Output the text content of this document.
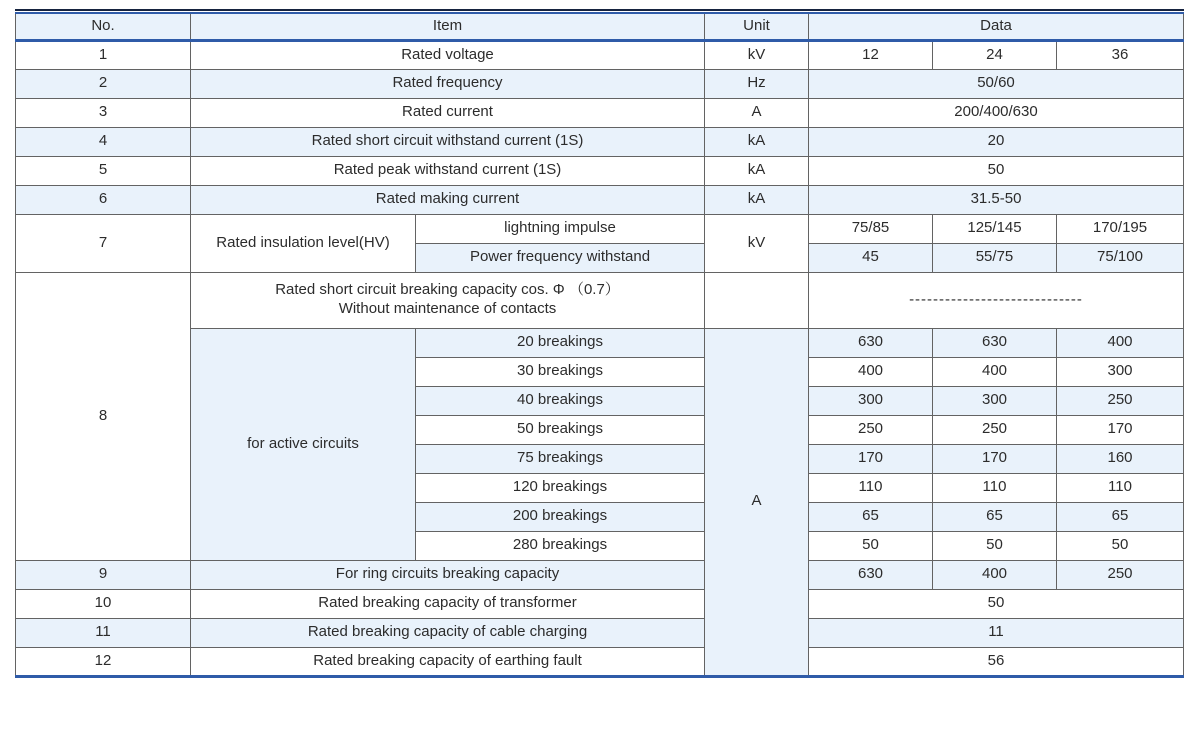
No.	Item		Unit	Data		
1	Rated voltage		kV	12	24	36
2	Rated frequency		Hz	50/60		
3	Rated current		A	200/400/630		
4	Rated short circuit withstand current (1S)		kA	20		
5	Rated peak withstand current (1S)		kA	50		
6	Rated making current		kA	31.5-50		
7	Rated insulation level(HV)	lightning impulse	kV	75/85	125/145	170/195
		Power frequency withstand		45	55/75	75/100
8	Rated short circuit breaking capacity cos. Φ （0.7）
Without maintenance of contacts			-----------------------------		
	for active circuits	20 breakings	A	630	630	400
		30 breakings		400	400	300
		40 breakings		300	300	250
		50 breakings		250	250	170
		75 breakings		170	170	160
		120 breakings		110	110	110
		200 breakings		65	65	65
		280 breakings		50	50	50
9	For ring circuits breaking capacity			630	400	250
10	Rated breaking capacity of transformer			50		
11	Rated breaking capacity of cable charging			11		
12	Rated breaking capacity of earthing fault			56		
